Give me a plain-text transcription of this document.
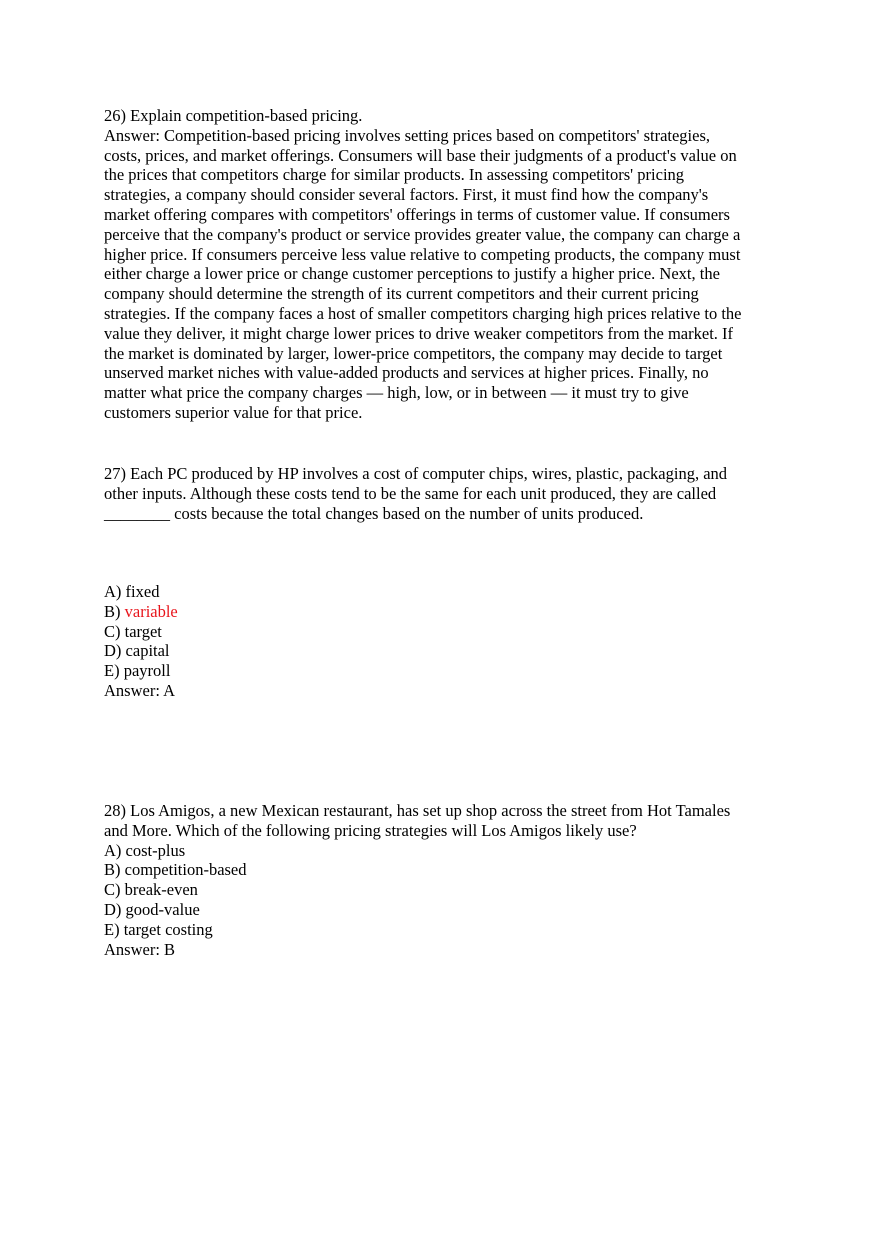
26) Explain competition-based pricing.

Answer: Competition-based pricing involves setting prices based on competitors' strategies,
costs, prices, and market offerings. Consumers will base their judgments of a product's value on
the prices that competitors charge for similar products. In assessing competitors' pricing
strategies, a company should consider several factors. First, it must find how the company's
market offering compares with competitors' offerings in terms of customer value. If consumers
perceive that the company's product or service provides greater value, the company can charge a
higher price. If consumers perceive less value relative to competing products, the company must
either charge a lower price or change customer perceptions to justify a higher price. Next, the
company should determine the strength of its current competitors and their current pricing
strategies. If the company faces a host of smaller competitors charging high prices relative to the
value they deliver, it might charge lower prices to drive weaker competitors from the market. If
the market is dominated by larger, lower-price competitors, the company may decide to target
unserved market niches with value-added products and services at higher prices. Finally, no
matter what price the company charges — high, low, or in between — it must try to give
customers superior value for that price.

27) Each PC produced by HP involves a cost of computer chips, wires, plastic, packaging, and
other inputs. Although these costs tend to be the same for each unit produced, they are called
________ costs because the total changes based on the number of units produced.

A) fixed
B) variable
C) target
D) capital
E) payroll
Answer: A

28) Los Amigos, a new Mexican restaurant, has set up shop across the street from Hot Tamales
and More. Which of the following pricing strategies will Los Amigos likely use?

A) cost-plus
B) competition-based
C) break-even
D) good-value
E) target costing
Answer: B
